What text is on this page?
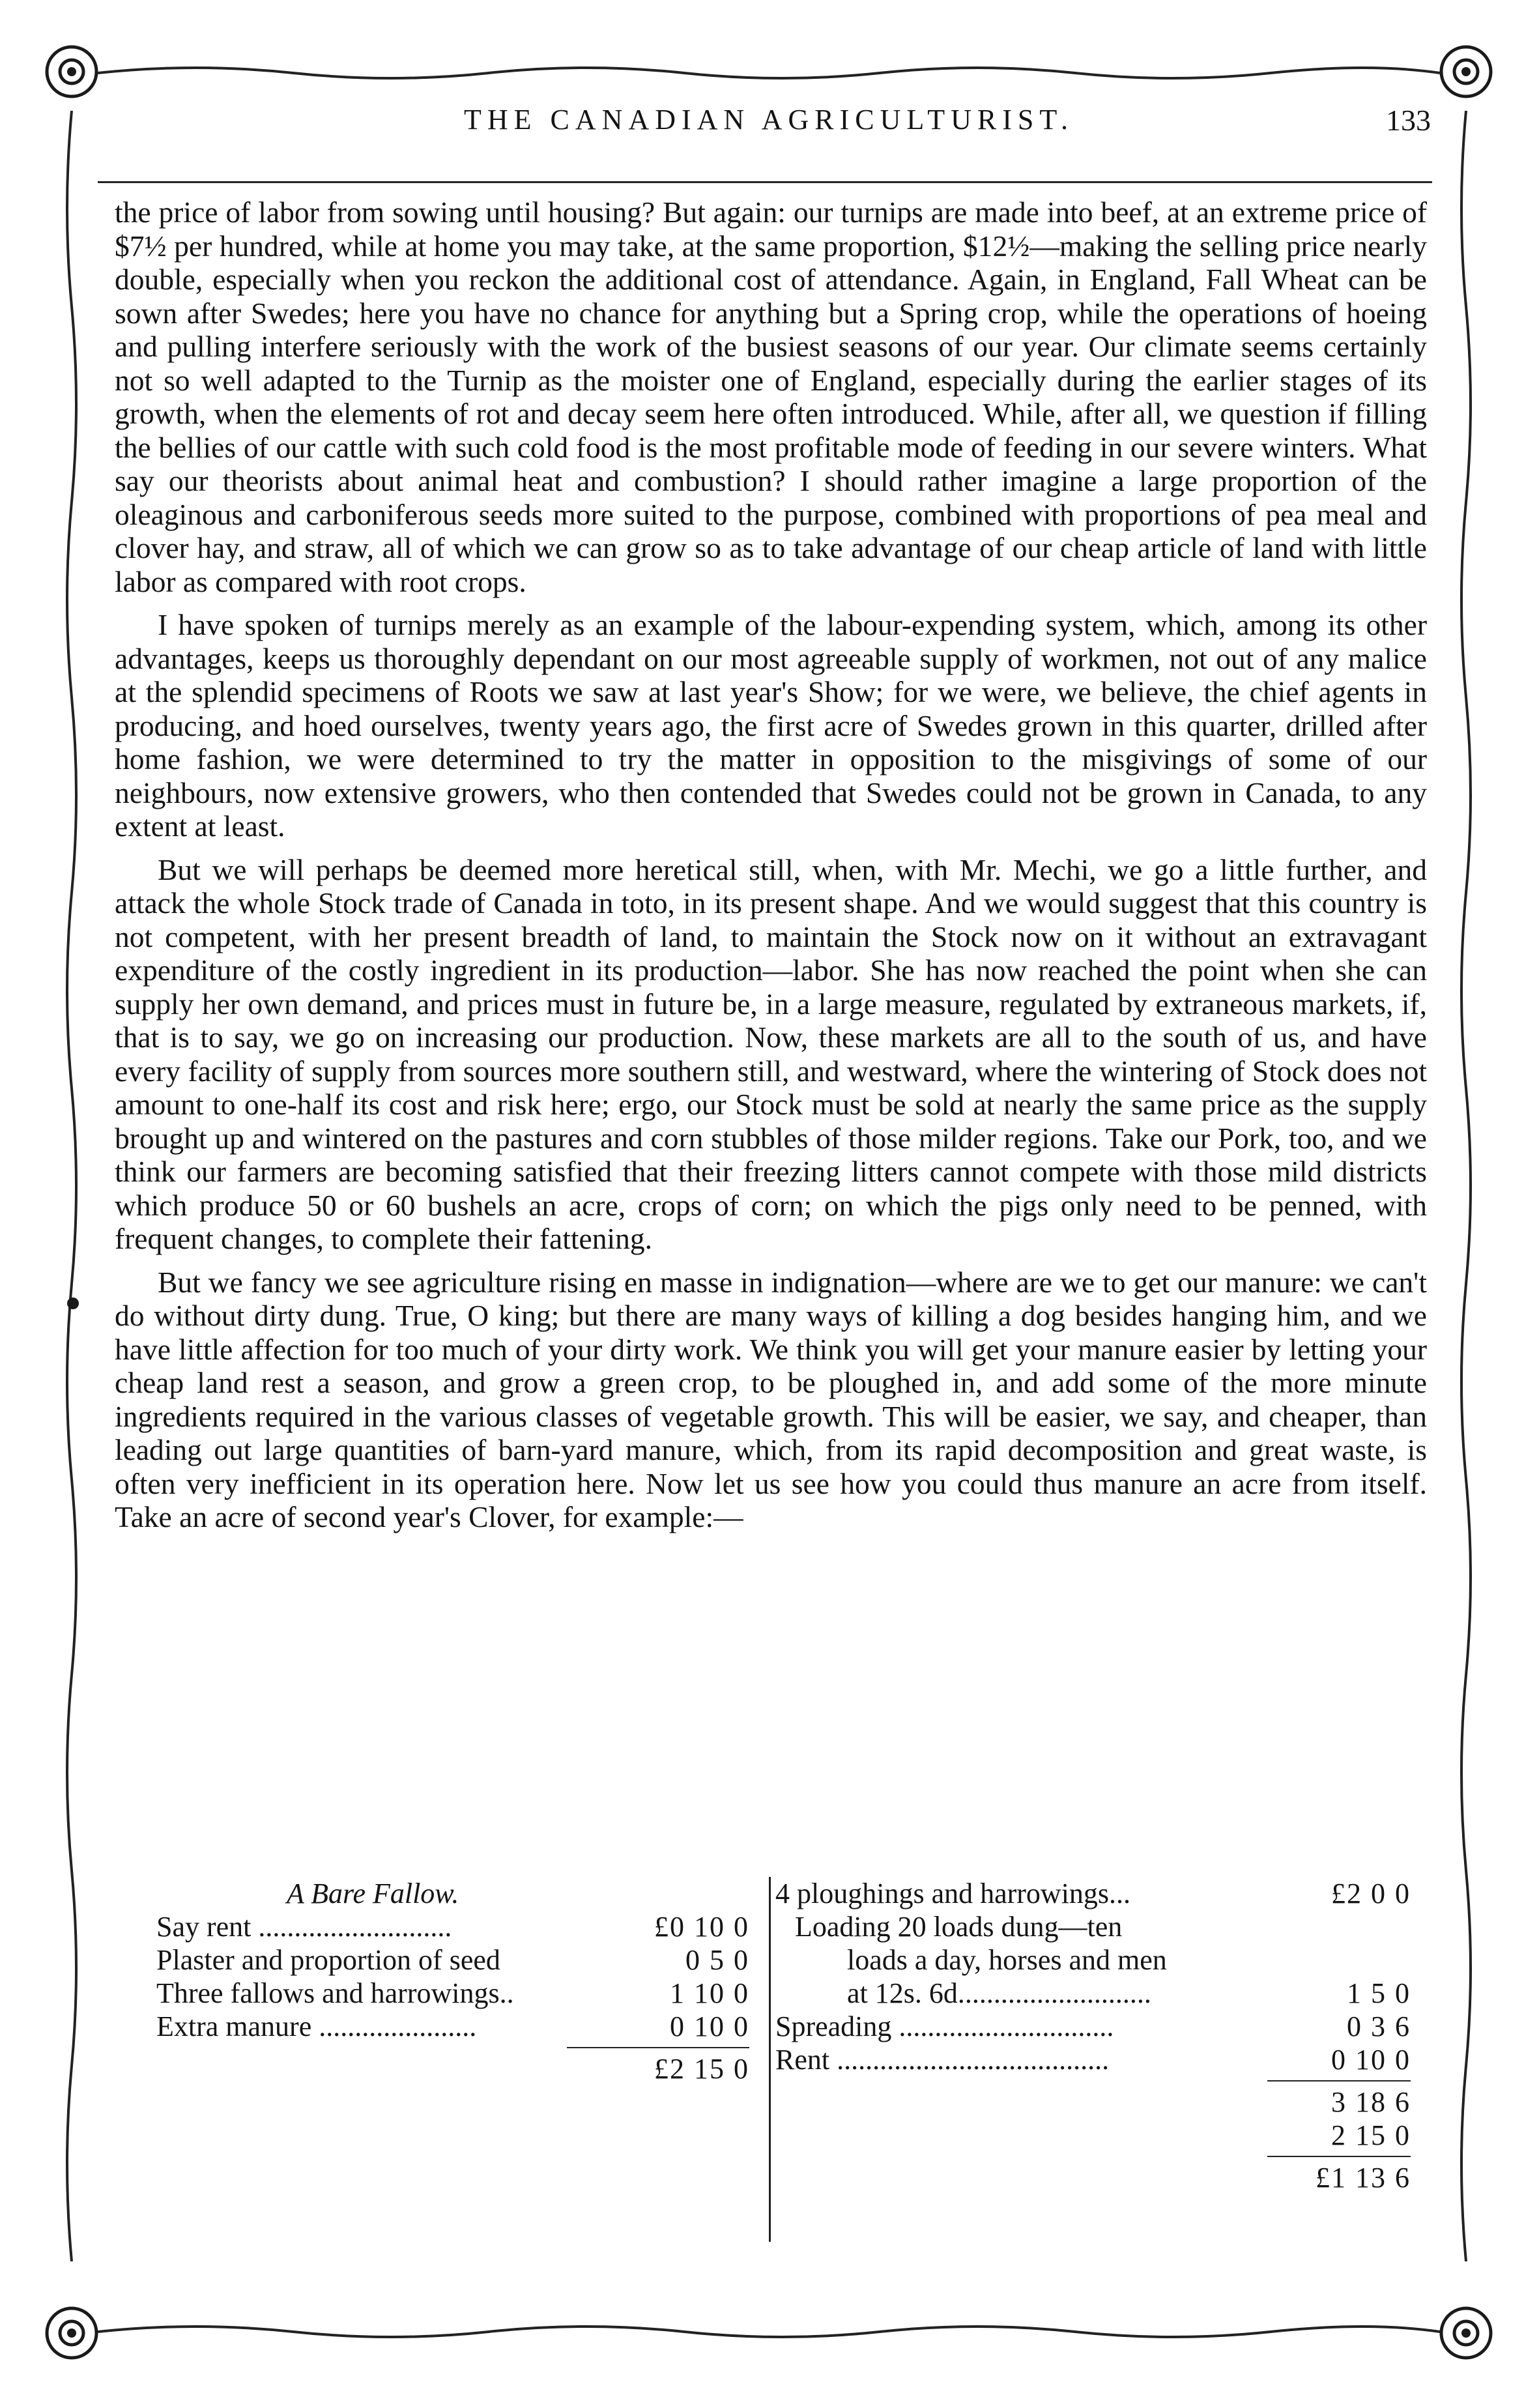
THE CANADIAN AGRICULTURIST.	133

the price of labor from sowing until housing? But again: our turnips are made into beef, at an extreme price of $7½ per hundred, while at home you may take, at the same proportion, $12½—making the selling price nearly double, especially when you reckon the additional cost of attendance. Again, in England, Fall Wheat can be sown after Swedes; here you have no chance for anything but a Spring crop, while the operations of hoeing and pulling interfere seriously with the work of the busiest seasons of our year. Our climate seems certainly not so well adapted to the Turnip as the moister one of England, especially during the earlier stages of its growth, when the elements of rot and decay seem here often introduced. While, after all, we question if filling the bellies of our cattle with such cold food is the most profitable mode of feeding in our severe winters. What say our theorists about animal heat and combustion? I should rather imagine a large proportion of the oleaginous and carboniferous seeds more suited to the purpose, combined with proportions of pea meal and clover hay, and straw, all of which we can grow so as to take advantage of our cheap article of land with little labor as compared with root crops.

I have spoken of turnips merely as an example of the labour-expending system, which, among its other advantages, keeps us thoroughly dependant on our most agreeable supply of workmen, not out of any malice at the splendid specimens of Roots we saw at last year's Show; for we were, we believe, the chief agents in producing, and hoed ourselves, twenty years ago, the first acre of Swedes grown in this quarter, drilled after home fashion, we were determined to try the matter in opposition to the misgivings of some of our neighbours, now extensive growers, who then contended that Swedes could not be grown in Canada, to any extent at least.

But we will perhaps be deemed more heretical still, when, with Mr. Mechi, we go a little further, and attack the whole Stock trade of Canada in toto, in its present shape. And we would suggest that this country is not competent, with her present breadth of land, to maintain the Stock now on it without an extravagant expenditure of the costly ingredient in its production—labor. She has now reached the point when she can supply her own demand, and prices must in future be, in a large measure, regulated by extraneous markets, if, that is to say, we go on increasing our production. Now, these markets are all to the south of us, and have every facility of supply from sources more southern still, and westward, where the wintering of Stock does not amount to one-half its cost and risk here; ergo, our Stock must be sold at nearly the same price as the supply brought up and wintered on the pastures and corn stubbles of those milder regions. Take our Pork, too, and we think our farmers are becoming satisfied that their freezing litters cannot compete with those mild districts which produce 50 or 60 bushels an acre, crops of corn; on which the pigs only need to be penned, with frequent changes, to complete their fattening.

But we fancy we see agriculture rising en masse in indignation—where are we to get our manure: we can't do without dirty dung. True, O king; but there are many ways of killing a dog besides hanging him, and we have little affection for too much of your dirty work. We think you will get your manure easier by letting your cheap land rest a season, and grow a green crop, to be ploughed in, and add some of the more minute ingredients required in the various classes of vegetable growth. This will be easier, we say, and cheaper, than leading out large quantities of barn-yard manure, which, from its rapid decomposition and great waste, is often very inefficient in its operation here. Now let us see how you could thus manure an acre from itself. Take an acre of second year's Clover, for example:—

A Bare Fallow.
Say rent ...........................	£0 10 0
Plaster and proportion of seed	0 5 0
Three fallows and harrowings..	1 10 0
Extra manure ......................	0 10 0
£2 15 0
4 ploughings and harrowings...	£2 0 0
Loading 20 loads dung—ten
loads a day, horses and men
at 12s. 6d...........................	1 5 0
Spreading ..............................	0 3 6
Rent ......................................	0 10 0
3 18 6
2 15 0
£1 13 6
